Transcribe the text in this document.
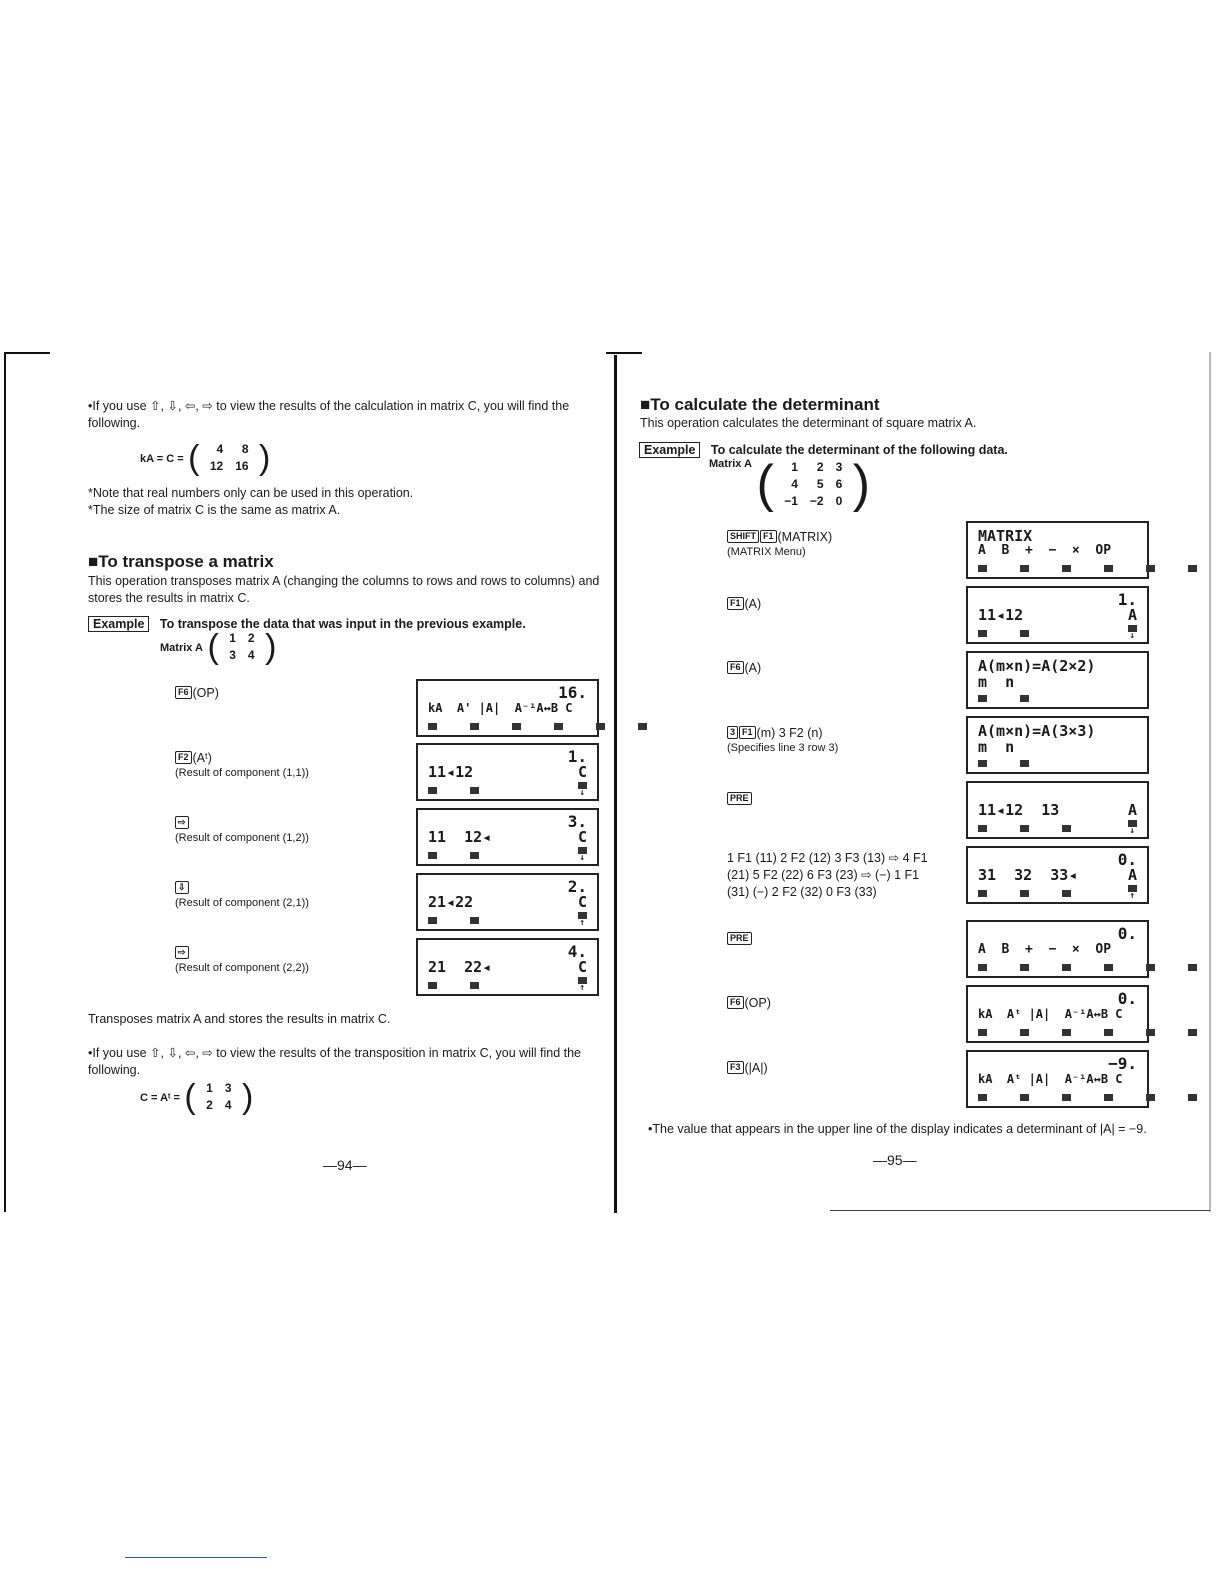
•If you use ⇧, ⇩, ⇦, ⇨ to view the results of the calculation in matrix C, you will find the following.
kA = C = ( 4	8
12	16 )
*Note that real numbers only can be used in this operation.
*The size of matrix C is the same as matrix A.
■To transpose a matrix
This operation transposes matrix A (changing the columns to rows and rows to columns) and stores the results in matrix C.
Example To transpose the data that was input in the previous example.
Matrix A ( 1	2
3	4 )
F6 (OP)	16.
kA  A' |A|  A⁻¹A↔B C
F2 (Aᵗ)
(Result of component (1,1))
1.
11◂12	C
↓
⇨
(Result of component (1,2))
3.
11  12◂	C
↓
⇩
(Result of component (2,1))
2.
21◂22	C
↑
⇨
(Result of component (2,2))
4.
21  22◂	C
↑
Transposes matrix A and stores the results in matrix C.
•If you use ⇧, ⇩, ⇦, ⇨ to view the results of the transposition in matrix C, you will find the following.
C = Aᵗ = ( 1	3
2	4 )
—94—
■To calculate the determinant
This operation calculates the determinant of square matrix A.
Example To calculate the determinant of the following data.
$^{Matrix A}$ ( 1	2	3
4	5	6
−1	−2	0 )
SHIFT F1 (MATRIX)
(MATRIX Menu)
MATRIX
A  B  +  −  ×  OP
F1 (A)	1.
11◂12	A
↓
F6 (A)	A(m×n)=A(2×2)
m  n
3 F1 (m) 3 F2 (n)
(Specifies line 3 row 3)
A(m×n)=A(3×3)
m  n
PRE
11◂12  13	A
↓
1 F1 (11) 2 F2 (12) 3 F3 (13) ⇨ 4 F1 (21) 5 F2 (22) 6 F3 (23) ⇨ (−) 1 F1 (31) (−) 2 F2 (32) 0 F3 (33)
0.
31  32  33◂	A
↑
PRE	0.
A  B  +  −  ×  OP
F6 (OP)	0.
kA  Aᵗ |A|  A⁻¹A↔B C
F3 (|A|)	−9.
kA  Aᵗ |A|  A⁻¹A↔B C
•The value that appears in the upper line of the display indicates a determinant of |A| = −9.
—95—
